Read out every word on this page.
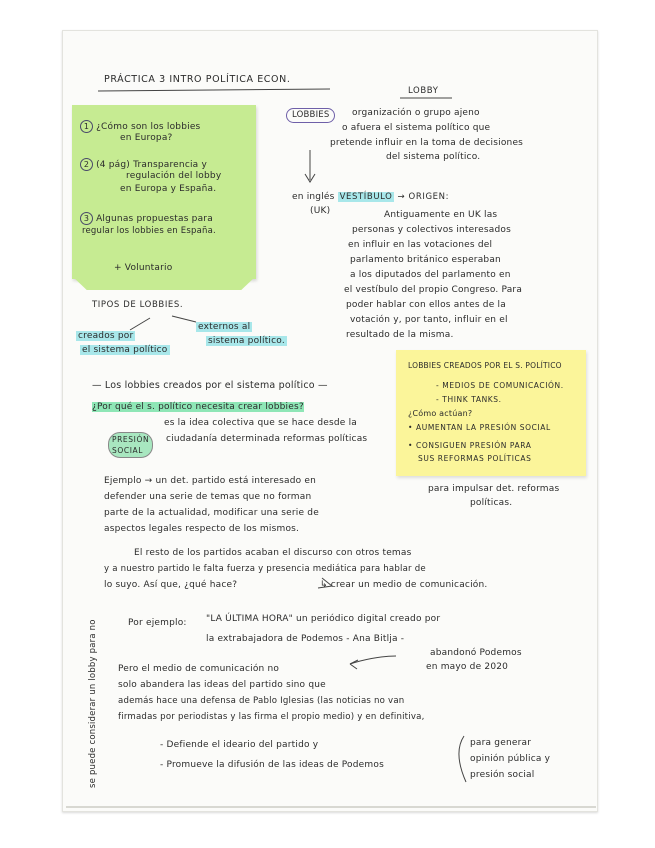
PRÁCTICA 3 INTRO POLÍTICA ECON.
LOBBY
1 ¿Cómo son los lobbies
en Europa?
2 (4 pág) Transparencia y
regulación del lobby
en Europa y España.
3 Algunas propuestas para
regular los lobbies en España.
+ Voluntario
LOBBIES	organización o grupo ajeno
o afuera el sistema político que
pretende influir en la toma de decisiones
del sistema político.
en inglés VESTÍBULO → ORIGEN:
(UK)	Antiguamente en UK las
personas y colectivos interesados
en influir en las votaciones del
parlamento británico esperaban
a los diputados del parlamento en
el vestíbulo del propio Congreso. Para
poder hablar con ellos antes de la
votación y, por tanto, influir en el
resultado de la misma.
TIPOS DE LOBBIES.
creados por
el sistema político
externos al
sistema político.
LOBBIES CREADOS POR EL S. POLÍTICO
- MEDIOS DE COMUNICACIÓN.
- THINK TANKS.
¿Cómo actúan?
• AUMENTAN LA PRESIÓN SOCIAL
• CONSIGUEN PRESIÓN PARA
SUS REFORMAS POLÍTICAS
— Los lobbies creados por el sistema político —
¿Por qué el s. político necesita crear lobbies?
PRESIÓN
SOCIAL
es la idea colectiva que se hace desde la
ciudadanía determinada reformas políticas
para impulsar det. reformas
políticas.
Ejemplo → un det. partido está interesado en
defender una serie de temas que no forman
parte de la actualidad, modificar una serie de
aspectos legales respecto de los mismos.
El resto de los partidos acaban el discurso con otros temas
y a nuestro partido le falta fuerza y presencia mediática para hablar de
lo suyo. Así que, ¿qué hace?	↳ crear un medio de comunicación.
Por ejemplo: "LA ÚLTIMA HORA" un periódico digital creado por
la extrabajadora de Podemos - Ana Bitlja -
abandonó Podemos
en mayo de 2020
Pero el medio de comunicación no
solo abandera las ideas del partido sino que
además hace una defensa de Pablo Iglesias (las noticias no van
firmadas por periodistas y las firma el propio medio) y en definitiva,
- Defiende el ideario del partido y
- Promueve la difusión de las ideas de Podemos
para generar
opinión pública y
presión social
se puede considerar un lobby para no
